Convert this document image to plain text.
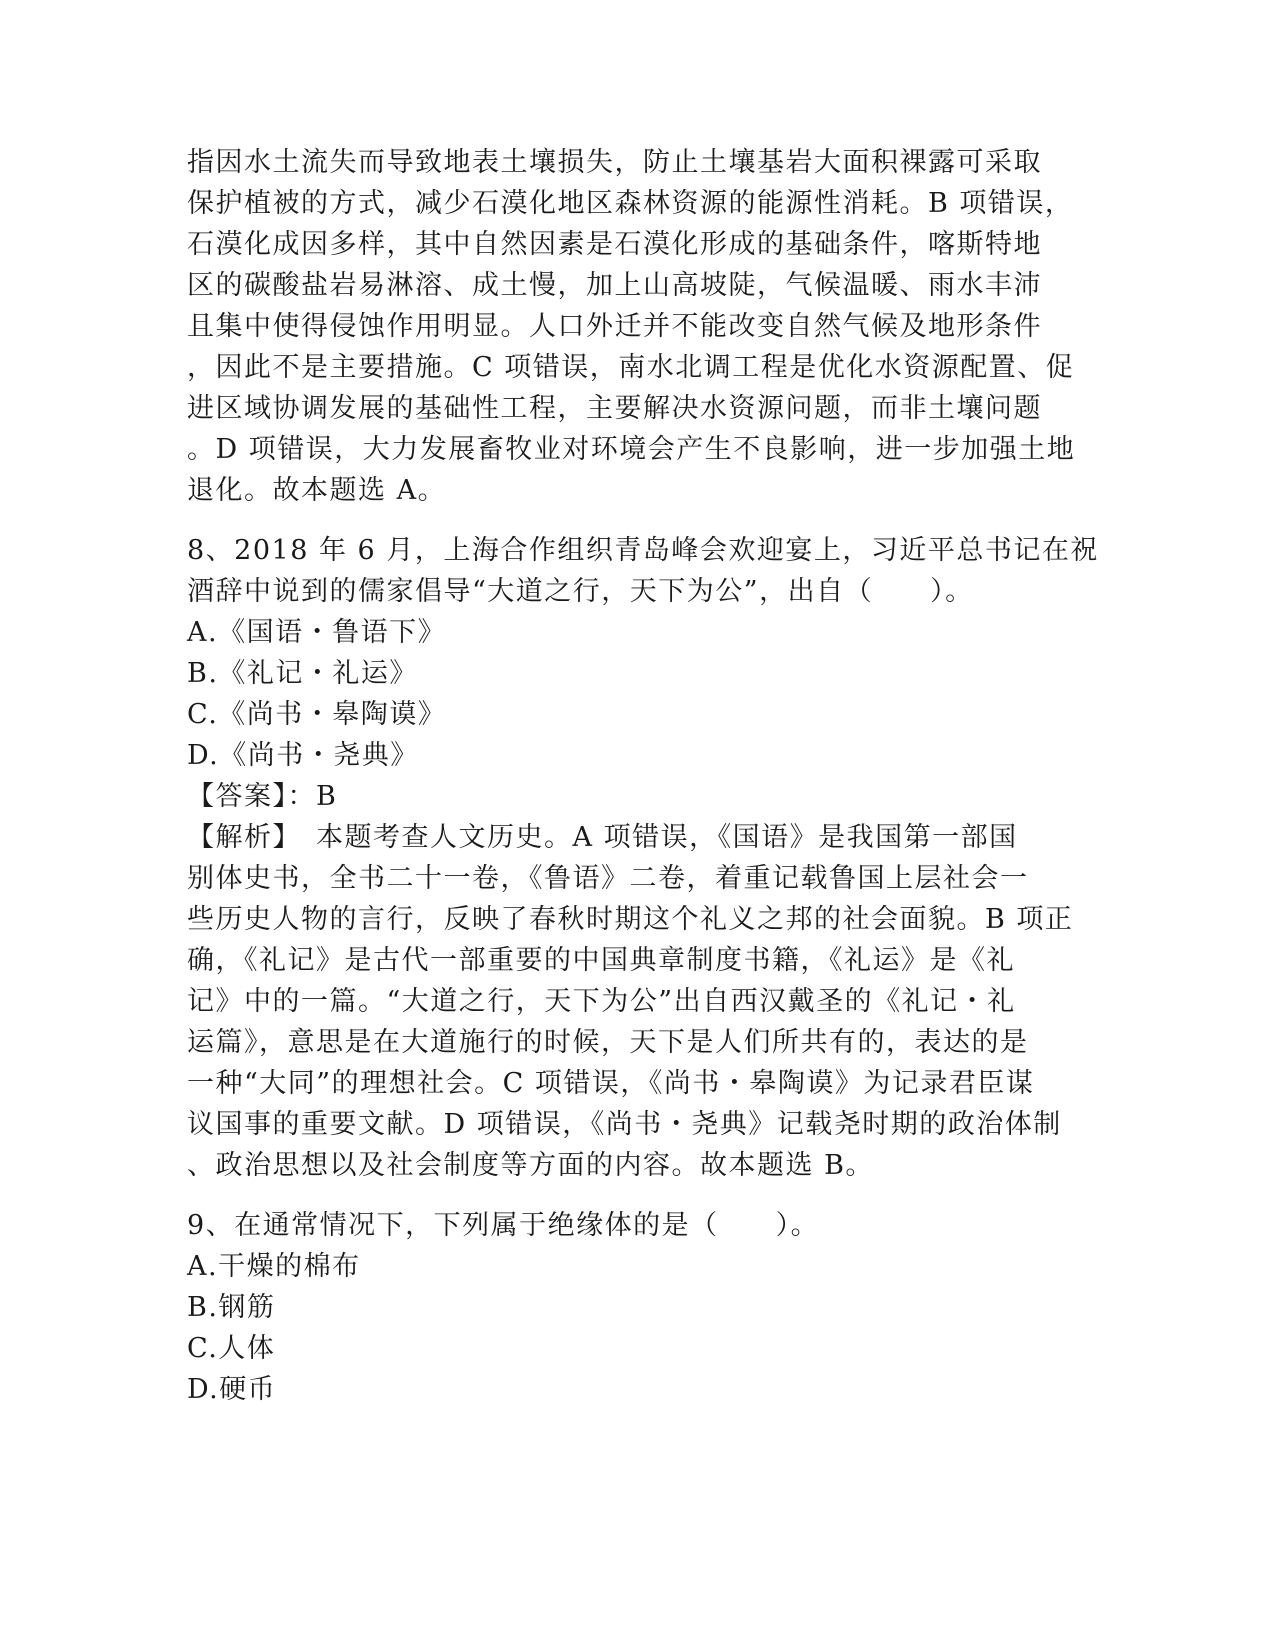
指因水土流失而导致地表土壤损失，防止土壤基岩大面积裸露可采取
保护植被的方式，减少石漠化地区森林资源的能源性消耗。B 项错误，
石漠化成因多样，其中自然因素是石漠化形成的基础条件，喀斯特地
区的碳酸盐岩易淋溶、成土慢，加上山高坡陡，气候温暖、雨水丰沛
且集中使得侵蚀作用明显。人口外迁并不能改变自然气候及地形条件
，因此不是主要措施。C 项错误，南水北调工程是优化水资源配置、促
进区域协调发展的基础性工程，主要解决水资源问题，而非土壤问题
。D 项错误，大力发展畜牧业对环境会产生不良影响，进一步加强土地
退化。故本题选 A。
8、2018 年 6 月，上海合作组织青岛峰会欢迎宴上，习近平总书记在祝
酒辞中说到的儒家倡导“大道之行，天下为公”，出自（　　）。
A.《国语・鲁语下》
B.《礼记・礼运》
C.《尚书・皋陶谟》
D.《尚书・尧典》
【答案】：B
【解析】　本题考查人文历史。A 项错误，《国语》是我国第一部国
别体史书，全书二十一卷，《鲁语》二卷，着重记载鲁国上层社会一
些历史人物的言行，反映了春秋时期这个礼义之邦的社会面貌。B 项正
确，《礼记》是古代一部重要的中国典章制度书籍，《礼运》是《礼
记》中的一篇。“大道之行，天下为公”出自西汉戴圣的《礼记・礼
运篇》，意思是在大道施行的时候，天下是人们所共有的，表达的是
一种“大同”的理想社会。C 项错误，《尚书・皋陶谟》为记录君臣谋
议国事的重要文献。D 项错误，《尚书・尧典》记载尧时期的政治体制
、政治思想以及社会制度等方面的内容。故本题选 B。
9、在通常情况下，下列属于绝缘体的是（　　）。
A.干燥的棉布
B.钢筋
C.人体
D.硬币
